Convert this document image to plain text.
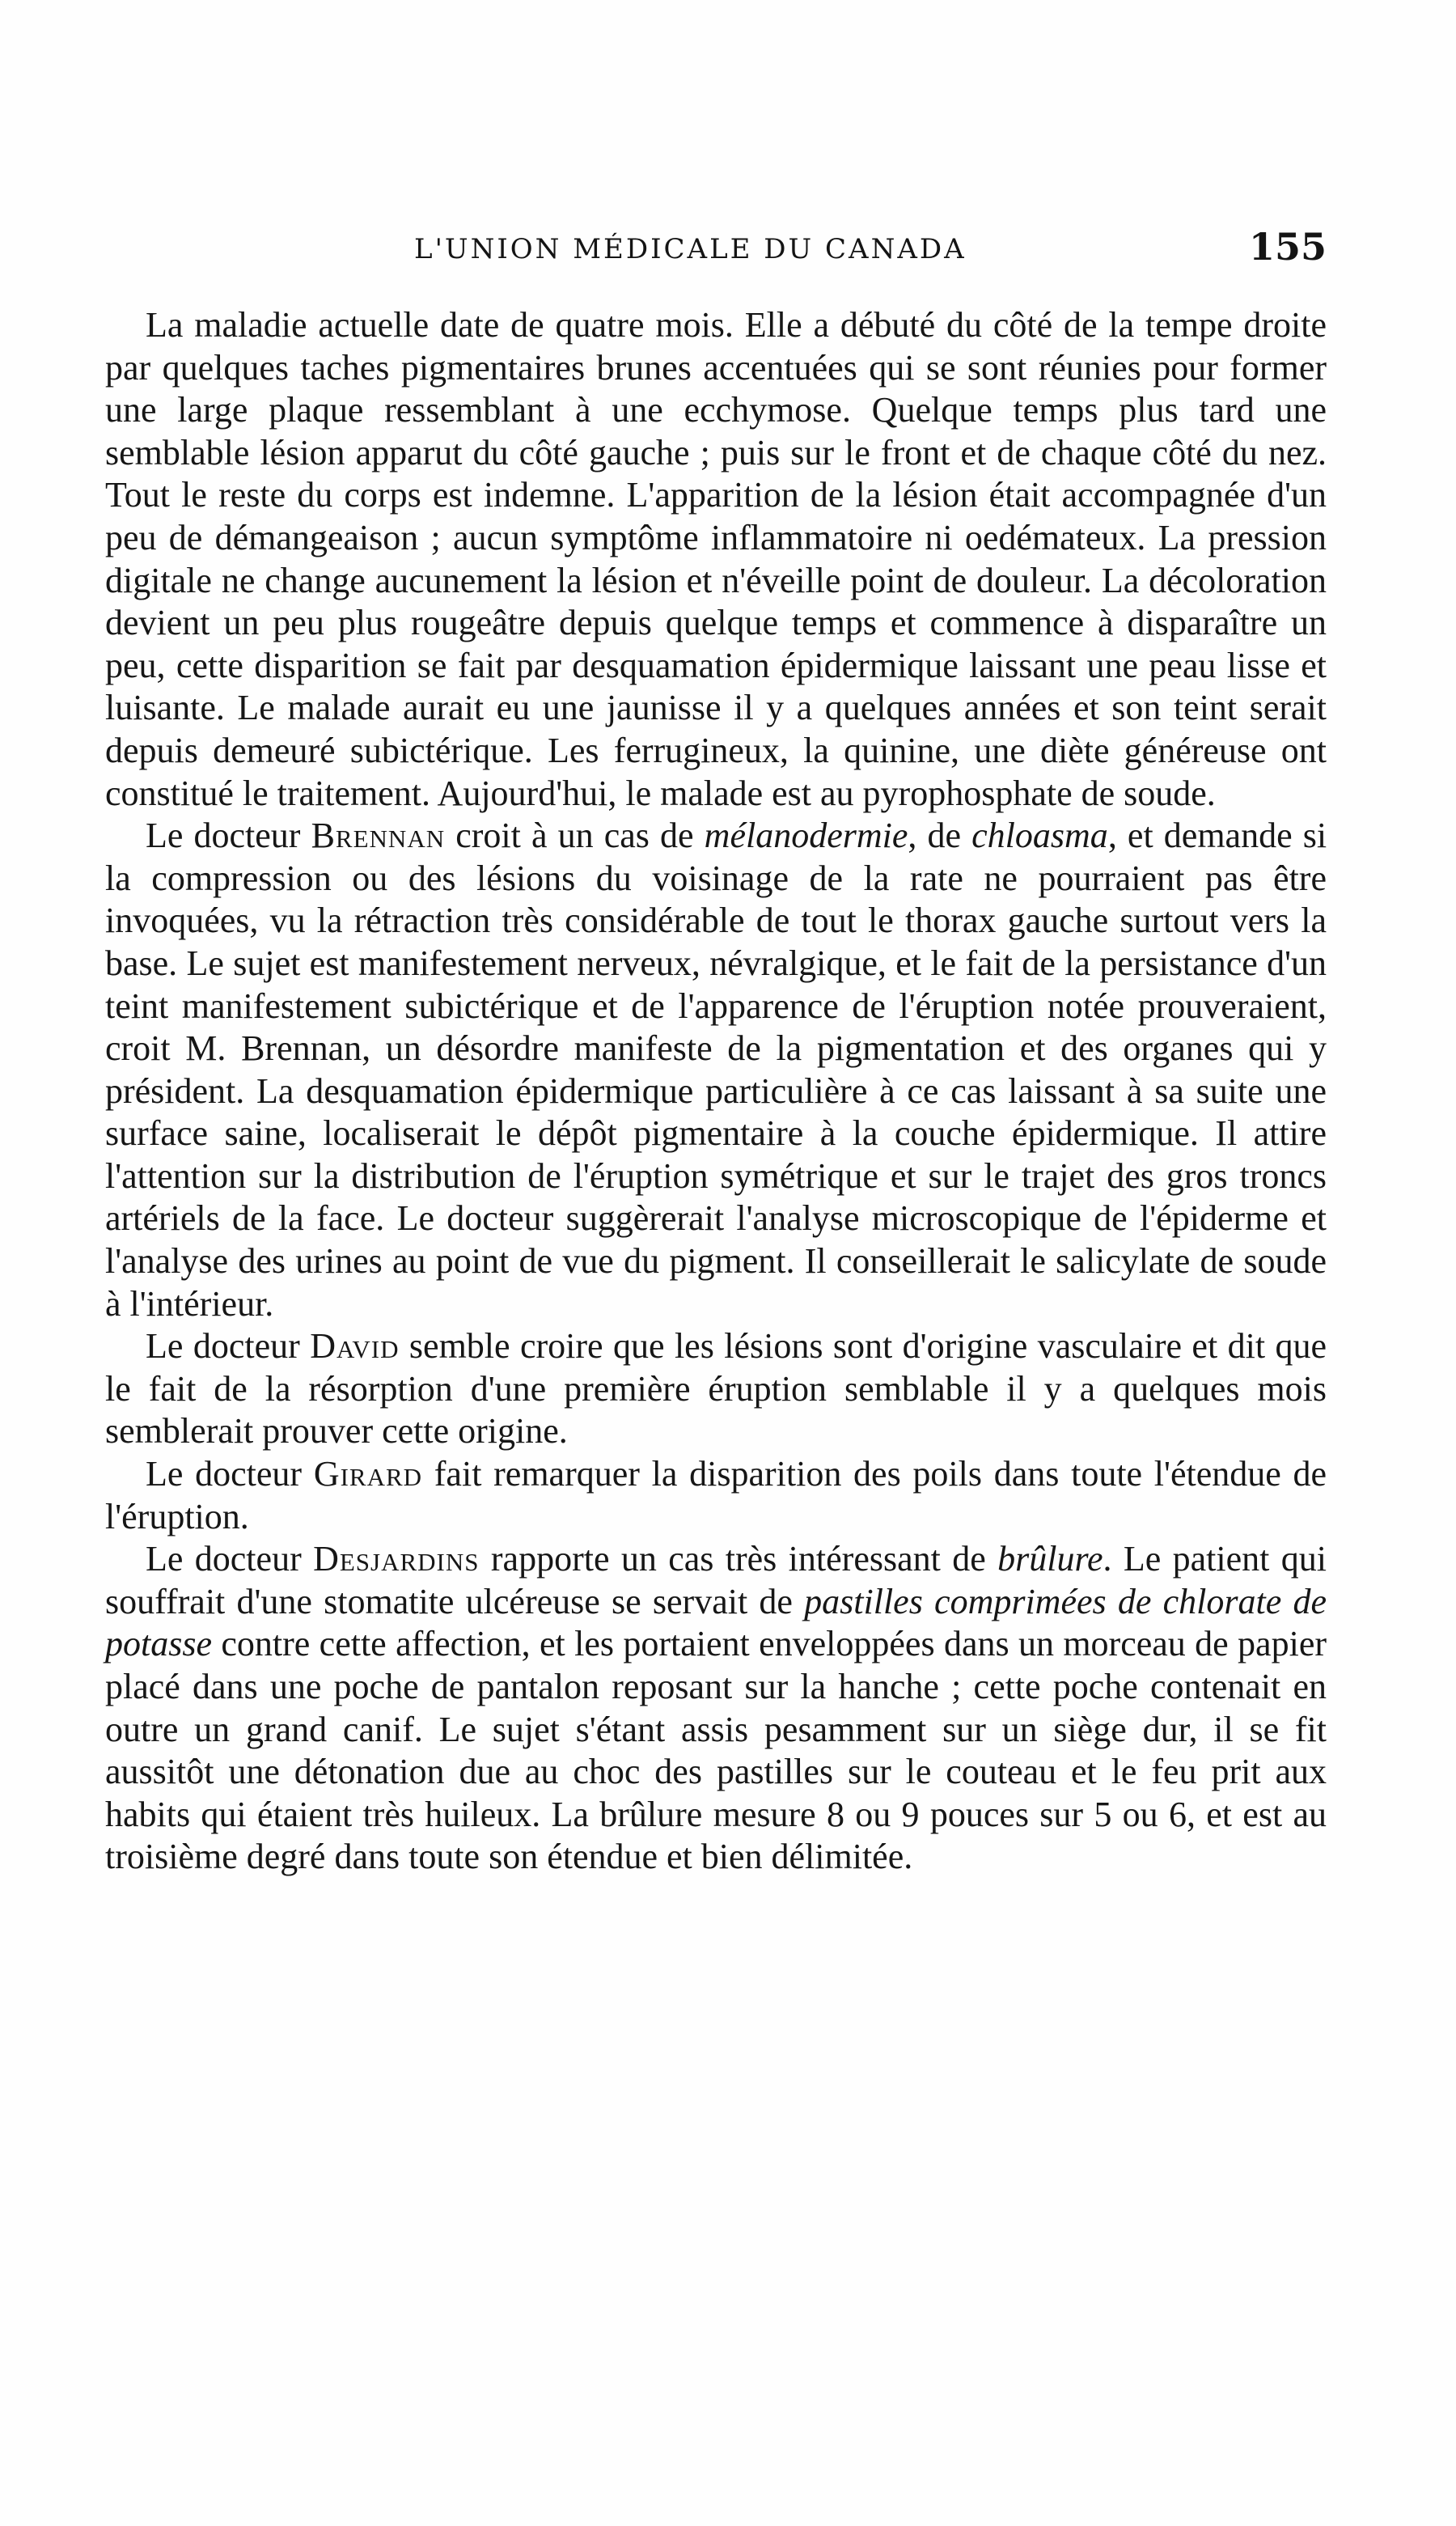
L'UNION MÉDICALE DU CANADA	155

La maladie actuelle date de quatre mois. Elle a débuté du côté de la tempe droite par quelques taches pigmentaires brunes accentuées qui se sont réunies pour former une large plaque ressemblant à une ecchymose. Quelque temps plus tard une semblable lésion apparut du côté gauche ; puis sur le front et de chaque côté du nez. Tout le reste du corps est indemne. L'apparition de la lésion était accompagnée d'un peu de démangeaison ; aucun symptôme inflammatoire ni oedémateux. La pression digitale ne change aucunement la lésion et n'éveille point de douleur. La décoloration devient un peu plus rougeâtre depuis quelque temps et commence à disparaître un peu, cette disparition se fait par desquamation épidermique laissant une peau lisse et luisante. Le malade aurait eu une jaunisse il y a quelques années et son teint serait depuis demeuré subictérique. Les ferrugineux, la quinine, une diète généreuse ont constitué le traitement. Aujourd'hui, le malade est au pyrophosphate de soude.

Le docteur Brennan croit à un cas de mélanodermie, de chloasma, et demande si la compression ou des lésions du voisinage de la rate ne pourraient pas être invoquées, vu la rétraction très considérable de tout le thorax gauche surtout vers la base. Le sujet est manifestement nerveux, névralgique, et le fait de la persistance d'un teint manifestement subictérique et de l'apparence de l'éruption notée prouveraient, croit M. Brennan, un désordre manifeste de la pigmentation et des organes qui y président. La desquamation épidermique particulière à ce cas laissant à sa suite une surface saine, localiserait le dépôt pigmentaire à la couche épidermique. Il attire l'attention sur la distribution de l'éruption symétrique et sur le trajet des gros troncs artériels de la face. Le docteur suggèrerait l'analyse microscopique de l'épiderme et l'analyse des urines au point de vue du pigment. Il conseillerait le salicylate de soude à l'intérieur.

Le docteur David semble croire que les lésions sont d'origine vasculaire et dit que le fait de la résorption d'une première éruption semblable il y a quelques mois semblerait prouver cette origine.

Le docteur Girard fait remarquer la disparition des poils dans toute l'étendue de l'éruption.

Le docteur Desjardins rapporte un cas très intéressant de brûlure. Le patient qui souffrait d'une stomatite ulcéreuse se servait de pastilles comprimées de chlorate de potasse contre cette affection, et les portaient enveloppées dans un morceau de papier placé dans une poche de pantalon reposant sur la hanche ; cette poche contenait en outre un grand canif. Le sujet s'étant assis pesamment sur un siège dur, il se fit aussitôt une détonation due au choc des pastilles sur le couteau et le feu prit aux habits qui étaient très huileux. La brûlure mesure 8 ou 9 pouces sur 5 ou 6, et est au troisième degré dans toute son étendue et bien délimitée.
